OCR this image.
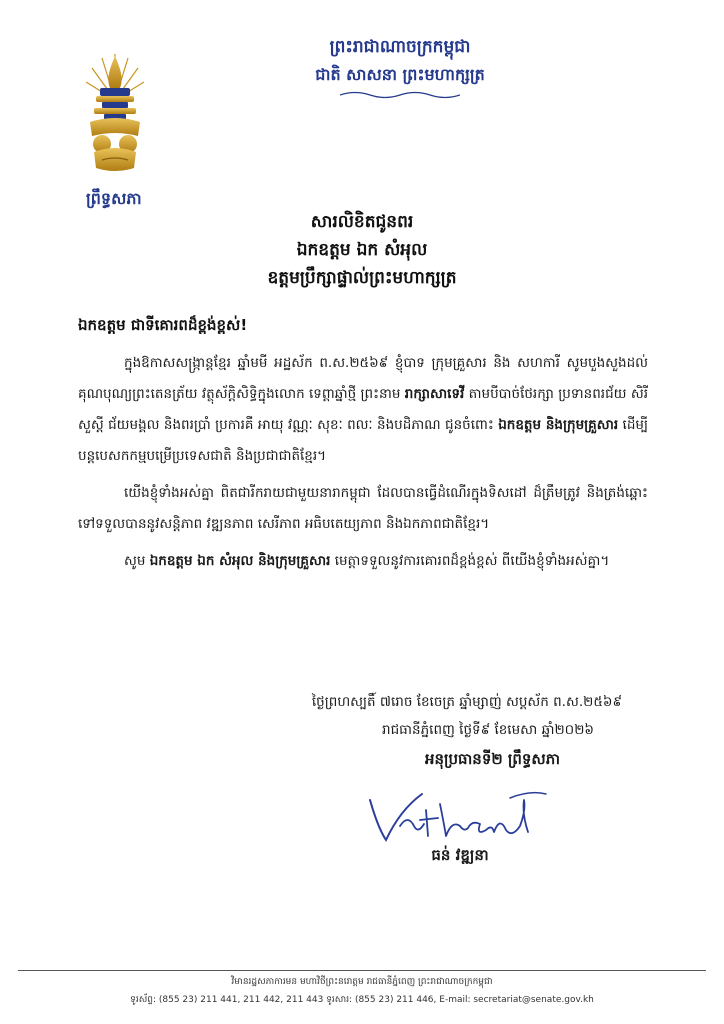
ព្រឹទ្ធសភា
ព្រះរាជាណាចក្រកម្ពុជា
ជាតិ សាសនា ព្រះមហាក្សត្រ
សារលិខិតជូនពរ
ឯកឧត្តម ឯក សំអុល
ឧត្តមប្រឹក្សាផ្ទាល់ព្រះមហាក្សត្រ
ឯកឧត្តម ជាទីគោរពដ៏ខ្ពង់ខ្ពស់!

ក្នុងឱកាសសង្ក្រាន្តខ្មែរ ឆ្នាំមមី អដ្ឋស័ក ព.ស.២៥៦៩ ខ្ញុំបាទ ក្រុមគ្រួសារ និង សហការី សូមបួងសួងដល់គុណបុណ្យព្រះតេនត្រ័យ វត្ថុស័ក្តិសិទ្ធិក្នុងលោក ទេព្តាឆ្នាំថ្មី ព្រះនាម រាក្សាសាទេវី តាមបីបាច់ថែរក្សា ប្រទានពរជ័យ សិរីសួស្តី ជ័យមង្គល និងពរប្រាំ ប្រការគឺ អាយុ វណ្ណៈ សុខៈ ពលៈ និងបដិភាណ ជូនចំពោះ ឯកឧត្តម និងក្រុមគ្រួសារ ដើម្បីបន្តបេសកកម្មបម្រើប្រទេសជាតិ និងប្រជាជាតិខ្មែរ។

យើងខ្ញុំទាំងអស់គ្នា ពិតជារីករាយជាមួយនារាកម្ពុជា ដែលបានធ្វើដំណើរក្នុងទិសដៅ ដ៏ត្រឹមត្រូវ និងត្រង់ឆ្ពោះទៅទទួលបាននូវសន្តិភាព វឌ្ឍនភាព សេរីភាព អធិបតេយ្យភាព និងឯកភាពជាតិខ្មែរ។

សូម ឯកឧត្តម ឯក សំអុល និងក្រុមគ្រួសារ មេត្តាទទួលនូវការគោរពដ៏ខ្ពង់ខ្ពស់ ពីយើងខ្ញុំទាំងអស់គ្នា។

ថ្ងៃព្រហស្បតិ៍ ៧រោច ខែចេត្រ ឆ្នាំម្សាញ់ សប្តស័ក ព.ស.២៥៦៩
រាជធានីភ្នំពេញ ថ្ងៃទី៩ ខែមេសា ឆ្នាំ២០២៦
អនុប្រធានទី២ ព្រឹទ្ធសភា
ធន់ វឌ្ឍនា
វិមានរដ្ឋសភាការមន មហាវិថីព្រះនរោត្តម រាជធានីភ្នំពេញ ព្រះរាជាណាចក្រកម្ពុជា
ទូរស័ព្ទ: (855 23) 211 441, 211 442, 211 443 ទូរសារ: (855 23) 211 446, E-mail: secretariat@senate.gov.kh
